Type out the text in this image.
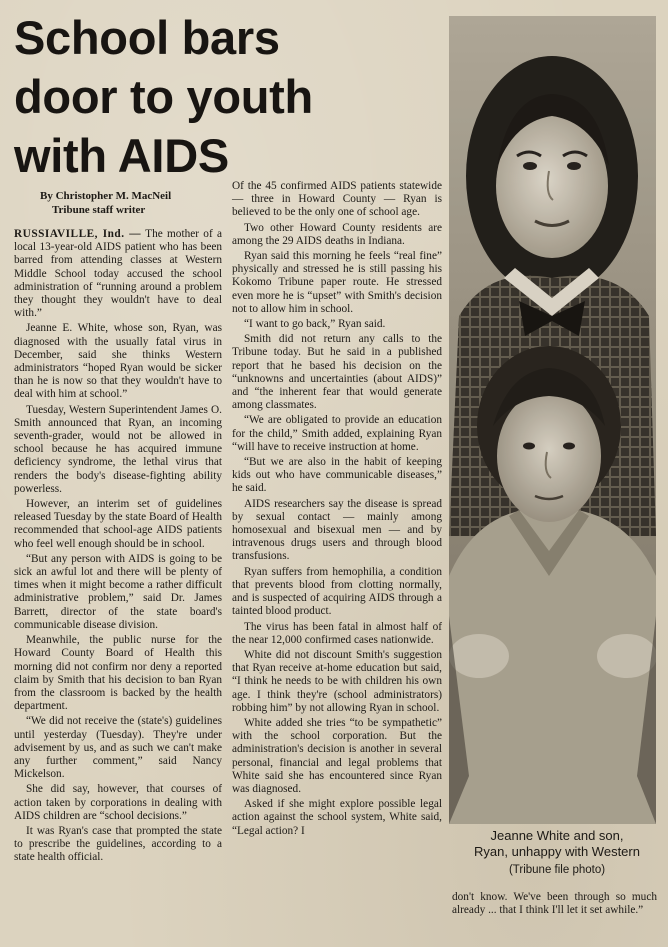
School bars
door to youth
with AIDS
By Christopher M. MacNeil
Tribune staff writer

RUSSIAVILLE, Ind. — The mother of a local 13-year-old AIDS patient who has been barred from attending classes at Western Middle School today accused the school administration of “running around a problem they thought they wouldn't have to deal with.”

Jeanne E. White, whose son, Ryan, was diagnosed with the usually fatal virus in December, said she thinks Western administrators “hoped Ryan would be sicker than he is now so that they wouldn't have to deal with him at school.”

Tuesday, Western Superintendent James O. Smith announced that Ryan, an incoming seventh-grader, would not be allowed in school because he has acquired immune deficiency syndrome, the lethal virus that renders the body's disease-fighting ability powerless.

However, an interim set of guidelines released Tuesday by the state Board of Health recommended that school-age AIDS patients who feel well enough should be in school.

“But any person with AIDS is going to be sick an awful lot and there will be plenty of times when it might become a rather difficult administrative problem,” said Dr. James Barrett, director of the state board's communicable disease division.

Meanwhile, the public nurse for the Howard County Board of Health this morning did not confirm nor deny a reported claim by Smith that his decision to ban Ryan from the classroom is backed by the health department.

“We did not receive the (state's) guidelines until yesterday (Tuesday). They're under advisement by us, and as such we can't make any further comment,” said Nancy Mickelson.

She did say, however, that courses of action taken by corporations in dealing with AIDS children are “school decisions.”

It was Ryan's case that prompted the state to prescribe the guidelines, according to a state health official.

Of the 45 confirmed AIDS patients statewide — three in Howard County — Ryan is believed to be the only one of school age.

Two other Howard County residents are among the 29 AIDS deaths in Indiana.

Ryan said this morning he feels “real fine” physically and stressed he is still passing his Kokomo Tribune paper route. He stressed even more he is “upset” with Smith's decision not to allow him in school.

“I want to go back,” Ryan said.

Smith did not return any calls to the Tribune today. But he said in a published report that he based his decision on the “unknowns and uncertainties (about AIDS)” and “the inherent fear that would generate among classmates.

“We are obligated to provide an education for the child,” Smith added, explaining Ryan “will have to receive instruction at home.

“But we are also in the habit of keeping kids out who have communicable diseases,” he said.

AIDS researchers say the disease is spread by sexual contact — mainly among homosexual and bisexual men — and by intravenous drugs users and through blood transfusions.

Ryan suffers from hemophilia, a condition that prevents blood from clotting normally, and is suspected of acquiring AIDS through a tainted blood product.

The virus has been fatal in almost half of the near 12,000 confirmed cases nationwide.

White did not discount Smith's suggestion that Ryan receive at-home education but said, “I think he needs to be with children his own age. I think they're (school administrators) robbing him” by not allowing Ryan in school.

White added she tries “to be sympathetic” with the school corporation. But the administration's decision is another in several personal, financial and legal problems that White said she has encountered since Ryan was diagnosed.

Asked if she might explore possible legal action against the school system, White said, “Legal action? I	Jeanne White and son,
Ryan, unhappy with Western
(Tribune file photo)

don't know. We've been through so much already ... that I think I'll let it set awhile.”
